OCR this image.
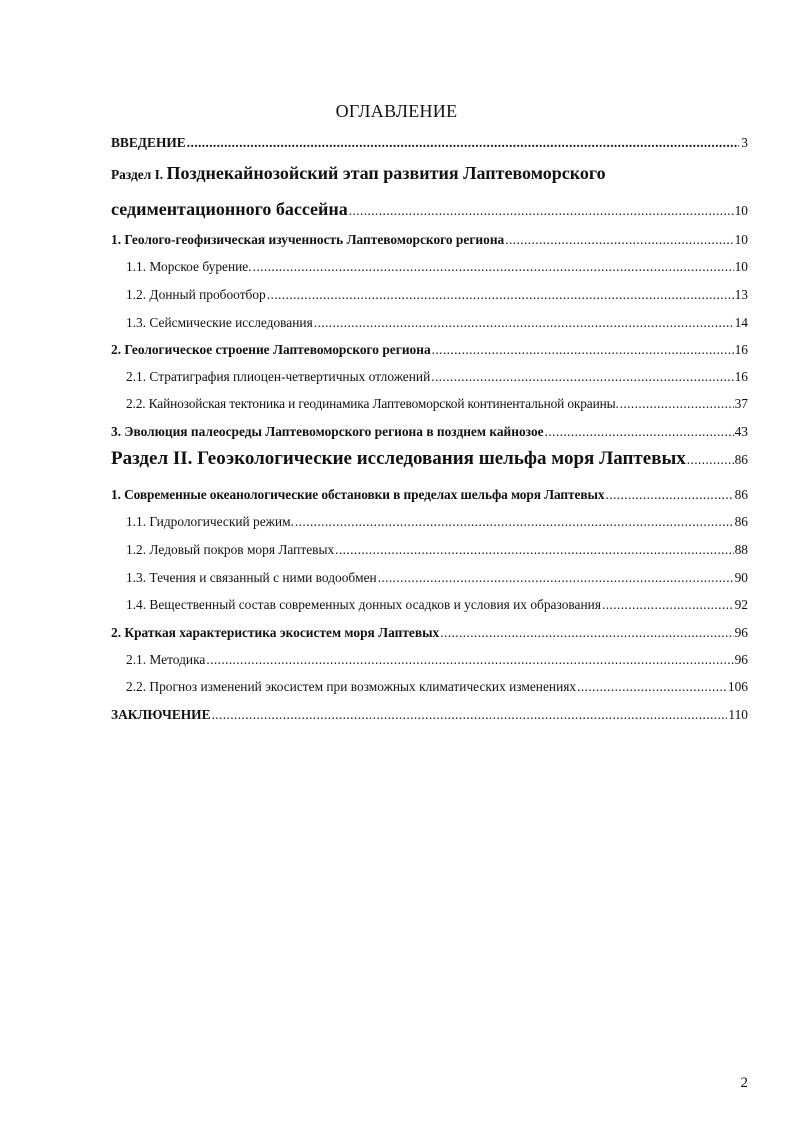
ОГЛАВЛЕНИЕ
ВВЕДЕНИЕ .....	3
Раздел I. Позднекайнозойский этап развития Лаптевоморского
седиментационного бассейна .....	10
1. Геолого-геофизическая изученность Лаптевоморского региона .....	10
1.1. Морское бурение. .....	10
1.2. Донный пробоотбор .....	13
1.3. Сейсмические исследования .....	14
2. Геологическое строение Лаптевоморского региона .....	16
2.1. Стратиграфия плиоцен-четвертичных отложений .....	16
2.2. Кайнозойская тектоника и геодинамика Лаптевоморской континентальной окраины. .....	37
3. Эволюция палеосреды Лаптевоморского региона в позднем кайнозое .....	43
Раздел II. Геоэкологические исследования шельфа моря Лаптевых .....	86
1. Современные океанологические обстановки в пределах шельфа моря Лаптевых .....	86
1.1. Гидрологический режим. .....	86
1.2. Ледовый покров моря Лаптевых .....	88
1.3. Течения и связанный с ними водообмен .....	90
1.4. Вещественный состав современных донных осадков и условия их образования .....	92
2. Краткая характеристика экосистем моря Лаптевых .....	96
2.1. Методика .....	96
2.2. Прогноз изменений экосистем при возможных климатических изменениях .....	106
ЗАКЛЮЧЕНИЕ .....	110
2
